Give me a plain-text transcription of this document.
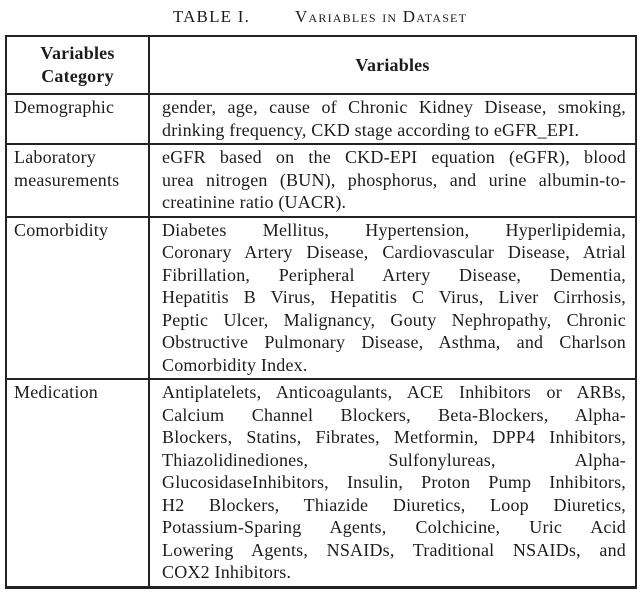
TABLE I.	Variables in Dataset
Variables Category	Variables
Demographic	gender, age, cause of Chronic Kidney Disease, smoking,
drinking frequency, CKD stage according to eGFR_EPI.

Laboratory measurements	eGFR based on the CKD-EPI equation (eGFR), blood
urea nitrogen (BUN), phosphorus, and urine albumin-to-
creatinine ratio (UACR).

Comorbidity	Diabetes Mellitus, Hypertension, Hyperlipidemia,
Coronary Artery Disease, Cardiovascular Disease, Atrial
Fibrillation, Peripheral Artery Disease, Dementia,
Hepatitis B Virus, Hepatitis C Virus, Liver Cirrhosis,
Peptic Ulcer, Malignancy, Gouty Nephropathy, Chronic
Obstructive Pulmonary Disease, Asthma, and Charlson
Comorbidity Index.

Medication	Antiplatelets, Anticoagulants, ACE Inhibitors or ARBs,
Calcium Channel Blockers, Beta-Blockers, Alpha-
Blockers, Statins, Fibrates, Metformin, DPP4 Inhibitors,
Thiazolidinediones, Sulfonylureas, Alpha-
GlucosidaseInhibitors, Insulin, Proton Pump Inhibitors,
H2 Blockers, Thiazide Diuretics, Loop Diuretics,
Potassium-Sparing Agents, Colchicine, Uric Acid
Lowering Agents, NSAIDs, Traditional NSAIDs, and
COX2 Inhibitors.
